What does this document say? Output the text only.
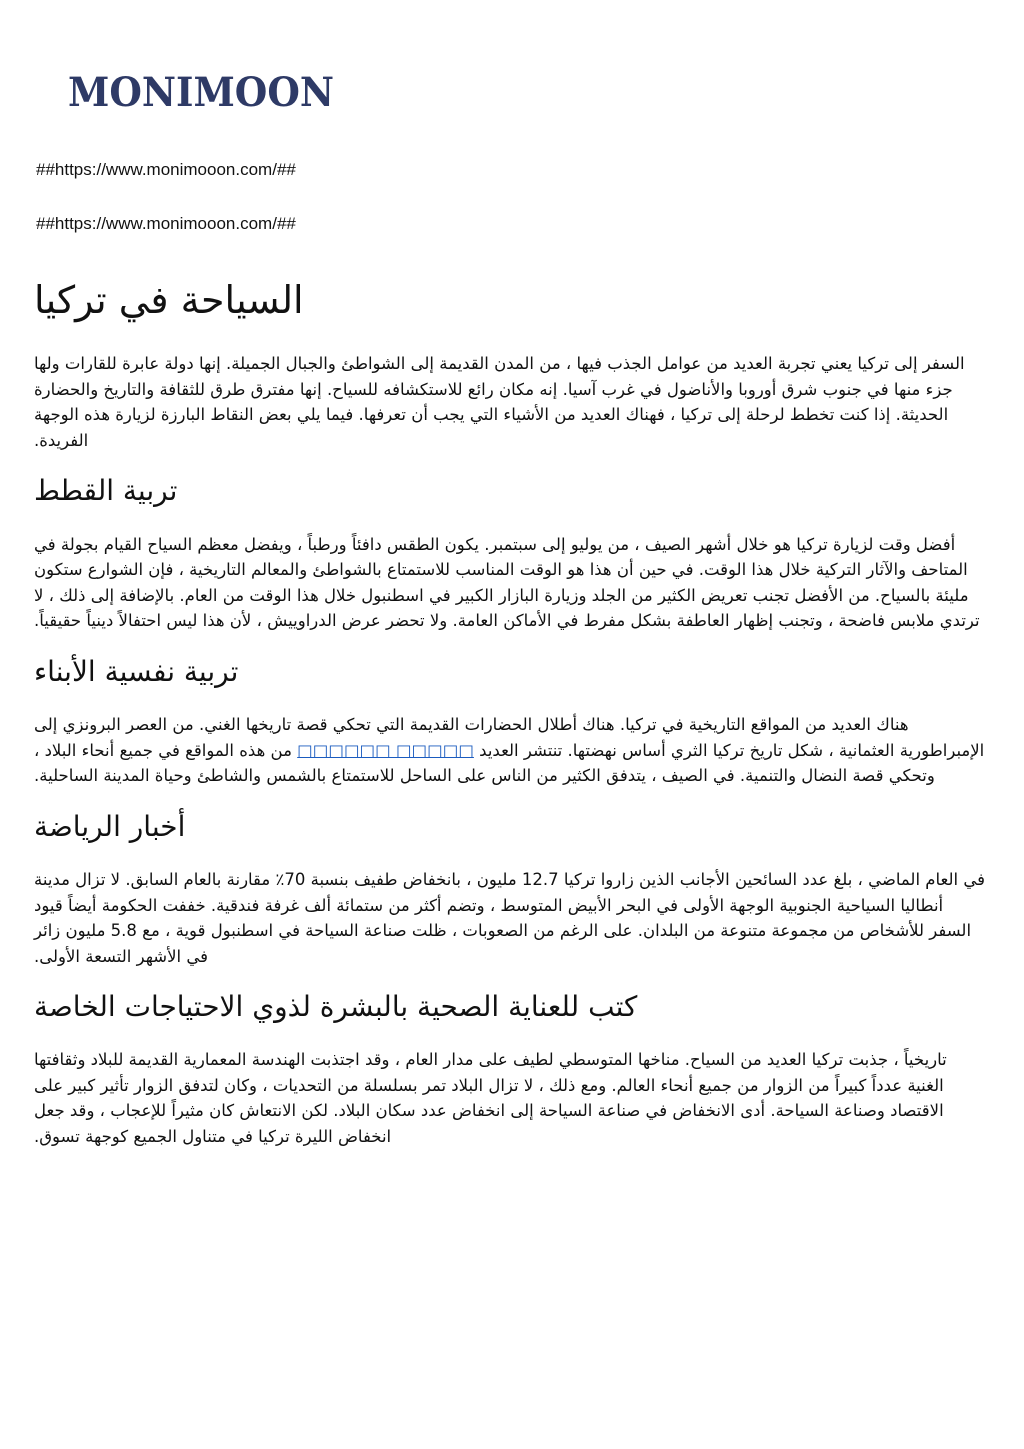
MONIMOON
##https://www.monimooon.com/##
##https://www.monimooon.com/##
السياحة في تركيا

السفر إلى تركيا يعني تجربة العديد من عوامل الجذب فيها ، من المدن القديمة إلى الشواطئ والجبال الجميلة. إنها دولة عابرة للقارات ولها جزء منها في جنوب شرق أوروبا والأناضول في غرب آسيا. إنه مكان رائع للاستكشافه للسياح. إنها مفترق طرق للثقافة والتاريخ والحضارة الحديثة. إذا كنت تخطط لرحلة إلى تركيا ، فهناك العديد من الأشياء التي يجب أن تعرفها. فيما يلي بعض النقاط البارزة لزيارة هذه الوجهة الفريدة.

تربية القطط

أفضل وقت لزيارة تركيا هو خلال أشهر الصيف ، من يوليو إلى سبتمبر. يكون الطقس دافئاً ورطباً ، ويفضل معظم السياح القيام بجولة في المتاحف والآثار التركية خلال هذا الوقت. في حين أن هذا هو الوقت المناسب للاستمتاع بالشواطئ والمعالم التاريخية ، فإن الشوارع ستكون مليئة بالسياح. من الأفضل تجنب تعريض الكثير من الجلد وزيارة البازار الكبير في اسطنبول خلال هذا الوقت من العام. بالإضافة إلى ذلك ، لا ترتدي ملابس فاضحة ، وتجنب إظهار العاطفة بشكل مفرط في الأماكن العامة. ولا تحضر عرض الدراوييش ، لأن هذا ليس احتفالاً دينياً حقيقياً.

تربية نفسية الأبناء

هناك العديد من المواقع التاريخية في تركيا. هناك أطلال الحضارات القديمة التي تحكي قصة تاريخها الغني. من العصر البرونزي إلى الإمبراطورية العثمانية ، شكل تاريخ تركيا الثري أساس نهضتها. تنتشر العديد □□□□□ □□□□□□ من هذه المواقع في جميع أنحاء البلاد ، وتحكي قصة النضال والتنمية. في الصيف ، يتدفق الكثير من الناس على الساحل للاستمتاع بالشمس والشاطئ وحياة المدينة الساحلية.

أخبار الرياضة

في العام الماضي ، بلغ عدد السائحين الأجانب الذين زاروا تركيا 12.7 مليون ، بانخفاض طفيف بنسبة 70٪ مقارنة بالعام السابق. لا تزال مدينة أنطاليا السياحية الجنوبية الوجهة الأولى في البحر الأبيض المتوسط ، وتضم أكثر من ستمائة ألف غرفة فندقية. خففت الحكومة أيضاً قيود السفر للأشخاص من مجموعة متنوعة من البلدان. على الرغم من الصعوبات ، ظلت صناعة السياحة في اسطنبول قوية ، مع 5.8 مليون زائر في الأشهر التسعة الأولى.

كتب للعناية الصحية بالبشرة لذوي الاحتياجات الخاصة

تاريخياً ، جذبت تركيا العديد من السياح. مناخها المتوسطي لطيف على مدار العام ، وقد اجتذبت الهندسة المعمارية القديمة للبلاد وثقافتها الغنية عدداً كبيراً من الزوار من جميع أنحاء العالم. ومع ذلك ، لا تزال البلاد تمر بسلسلة من التحديات ، وكان لتدفق الزوار تأثير كبير على الاقتصاد وصناعة السياحة. أدى الانخفاض في صناعة السياحة إلى انخفاض عدد سكان البلاد. لكن الانتعاش كان مثيراً للإعجاب ، وقد جعل انخفاض الليرة تركيا في متناول الجميع كوجهة تسوق.
